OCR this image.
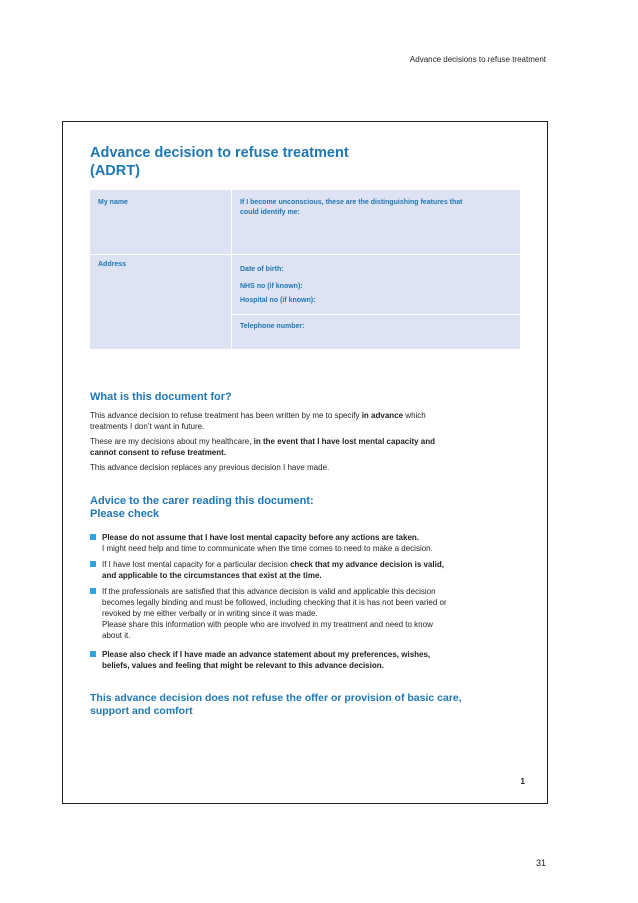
Advance decisions to refuse treatment
Advance decision to refuse treatment
(ADRT)
My name	If I become unconscious, these are the distinguishing features that
could identify me:
Address
Date of birth:
NHS no (if known):
Hospital no (if known):
Telephone number:
What is this document for?
This advance decision to refuse treatment has been written by me to specify in advance which
treatments I don’t want in future.
These are my decisions about my healthcare, in the event that I have lost mental capacity and
cannot consent to refuse treatment.
This advance decision replaces any previous decision I have made.
Advice to the carer reading this document:
Please check
Please do not assume that I have lost mental capacity before any actions are taken.
I might need help and time to communicate when the time comes to need to make a decision.
If I have lost mental capacity for a particular decision check that my advance decision is valid,
and applicable to the circumstances that exist at the time.
If the professionals are satisfied that this advance decision is valid and applicable this decision
becomes legally binding and must be followed, including checking that it is has not been varied or
revoked by me either verbally or in writing since it was made.
Please share this information with people who are involved in my treatment and need to know
about it.
Please also check if I have made an advance statement about my preferences, wishes,
beliefs, values and feeling that might be relevant to this advance decision.
This advance decision does not refuse the offer or provision of basic care,
support and comfort
1
31
